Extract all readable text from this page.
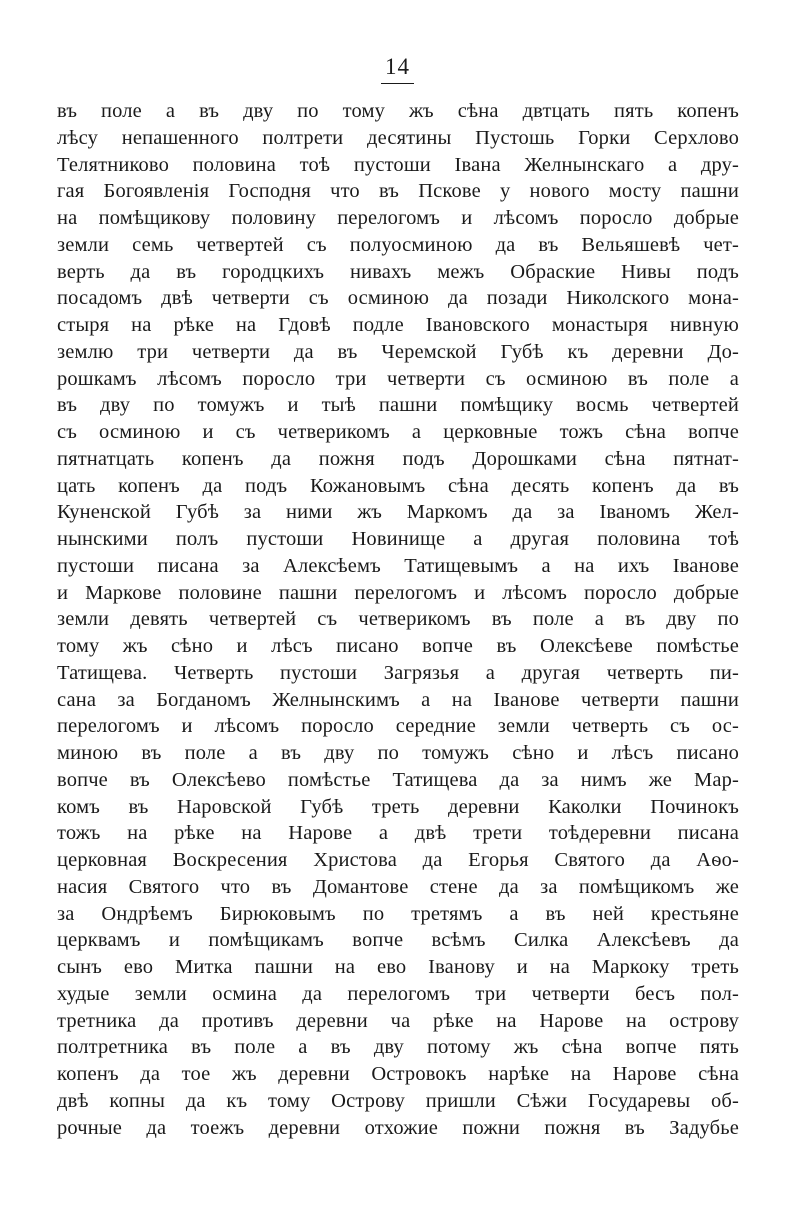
14
въ поле а въ дву по тому жъ сѣна двтцать пять копенъ
лѣсу непашенного полтрети десятины Пустошь Горки Серхлово
Телятниково половина тоѣ пустоши Івана Желнынскаго а дру-
гая Богоявленія Господня что въ Пскове у нового мосту пашни
на помѣщикову половину перелогомъ и лѣсомъ поросло добрые
земли семь четвертей съ полуосминою да въ Вельяшевѣ чет-
верть да въ городцкихъ нивахъ межъ Обраские Нивы подъ
посадомъ двѣ четверти съ осминою да позади Николского мона-
стыря на рѣке на Гдовѣ подле Івановского монастыря нивную
землю три четверти да въ Черемской Губѣ къ деревни До-
рошкамъ лѣсомъ поросло три четверти съ осминою въ поле а
въ дву по томужъ и тыѣ пашни помѣщику восмь четвертей
съ осминою и съ четверикомъ а церковные тожъ сѣна вопче
пятнатцать копенъ да пожня подъ Дорошками сѣна пятнат-
цать копенъ да подъ Кожановымъ сѣна десять копенъ да въ
Куненской Губѣ за ними жъ Маркомъ да за Іваномъ Жел-
нынскими полъ пустоши Новинище а другая половина тоѣ
пустоши писана за Алексѣемъ Татищевымъ а на ихъ Іванове
и Маркове половине пашни перелогомъ и лѣсомъ поросло добрые
земли девять четвертей съ четверикомъ въ поле а въ дву по
тому жъ сѣно и лѣсъ писано вопче въ Олексѣеве помѣстье
Татищева. Четверть пустоши Загрязья а другая четверть пи-
сана за Богданомъ Желнынскимъ а на Іванове четверти пашни
перелогомъ и лѣсомъ поросло середние земли четверть съ ос-
миною въ поле а въ дву по томужъ сѣно и лѣсъ писано
вопче въ Олексѣево помѣстье Татищева да за нимъ же Мар-
комъ въ Наровской Губѣ треть деревни Каколки Починокъ
тожъ на рѣке на Нарове а двѣ трети тоѣдеревни писана
церковная Воскресения Христова да Егорья Святого да Аѳо-
насия Святого что въ Домантове стене да за помѣщикомъ же
за Ондрѣемъ Бирюковымъ по третямъ а въ ней крестьяне
церквамъ и помѣщикамъ вопче всѣмъ Силка Алексѣевъ да
сынъ ево Митка пашни на ево Іванову и на Маркоку треть
худые земли осмина да перелогомъ три четверти бесъ пол-
третника да противъ деревни ча рѣке на Нарове на острову
полтретника въ поле а въ дву потому жъ сѣна вопче пять
копенъ да тое жъ деревни Островокъ нарѣке на Нарове сѣна
двѣ копны да къ тому Острову пришли Сѣжи Государевы об-
рочные да тоежъ деревни отхожие пожни пожня въ Задубье
